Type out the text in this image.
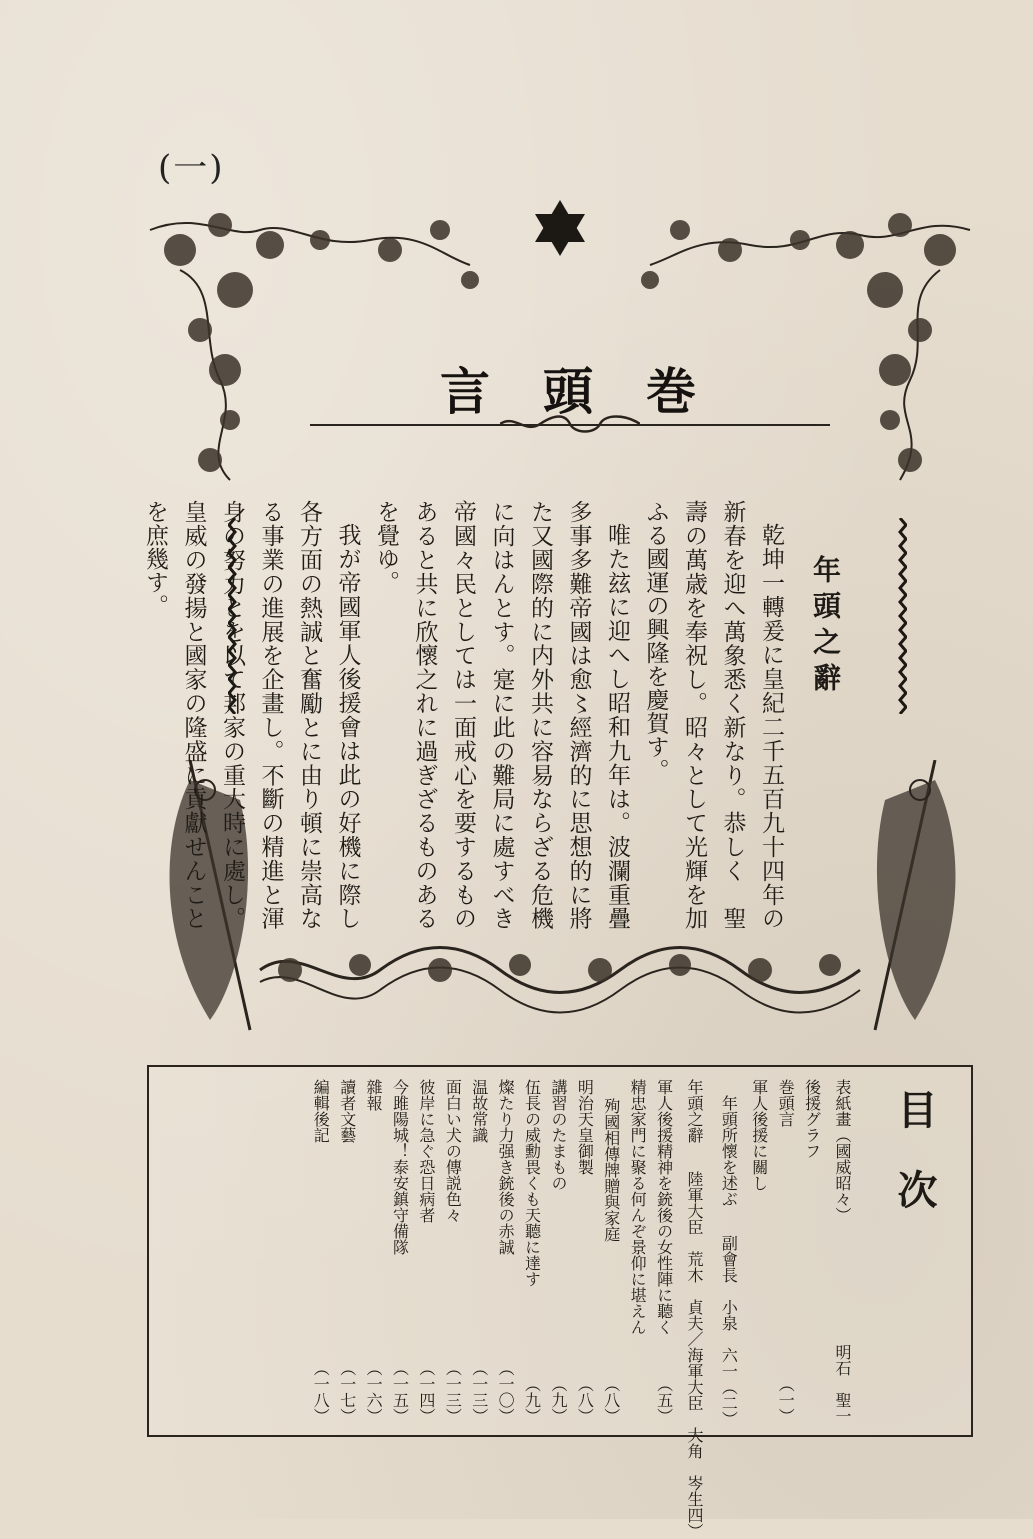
(一)
言 頭 巻
年頭之辭

乾坤一轉爰に皇紀二千五百九十四年の新春を迎へ萬象悉く新なり。恭しく　聖壽の萬歳を奉祝し。昭々として光輝を加ふる國運の興隆を慶賀す。

唯た玆に迎へし昭和九年は。波瀾重疊多事多難帝國は愈〻經濟的に思想的に將た又國際的に内外共に容易ならざる危機に向はんとす。寔に此の難局に處すべき帝國々民としては一面戒心を要するものあると共に欣懷之れに過ぎざるものあるを覺ゆ。

我が帝國軍人後援會は此の好機に際し各方面の熱誠と奮勵とに由り頓に崇高なる事業の進展を企畫し。不斷の精進と渾身の努力とを以て邦家の重大時に處し。皇威の發揚と國家の隆盛に貢獻せんことを庶幾す。

目次
表紙畫（國威昭々）
明石　聖一
後援グラフ
巻頭言
（一）
軍人後援に關し
年頭所懷を述ぶ
副會長　小泉　六一
（二）
年頭之辭
陸軍大臣　荒木　貞夫／海軍大臣　大角　岑生
四）
軍人後援精神を銃後の女性陣に聽く
（五）
精忠家門に聚る何んぞ景仰に堪えん
殉國相傳牌贈與家庭
（八）
明治天皇御製
（八）
講習のたまもの
（九）
伍長の威勳畏くも天聽に達す
（九）
燦たり力强き銃後の赤誠
（一〇）
温故常識
（一三）
面白い犬の傳説色々
（一三）
彼岸に急ぐ恐日病者
（一四）
今雎陽城！泰安鎮守備隊
（一五）
雜報
（一六）
讀者文藝
（一七）
編輯後記
（一八）
